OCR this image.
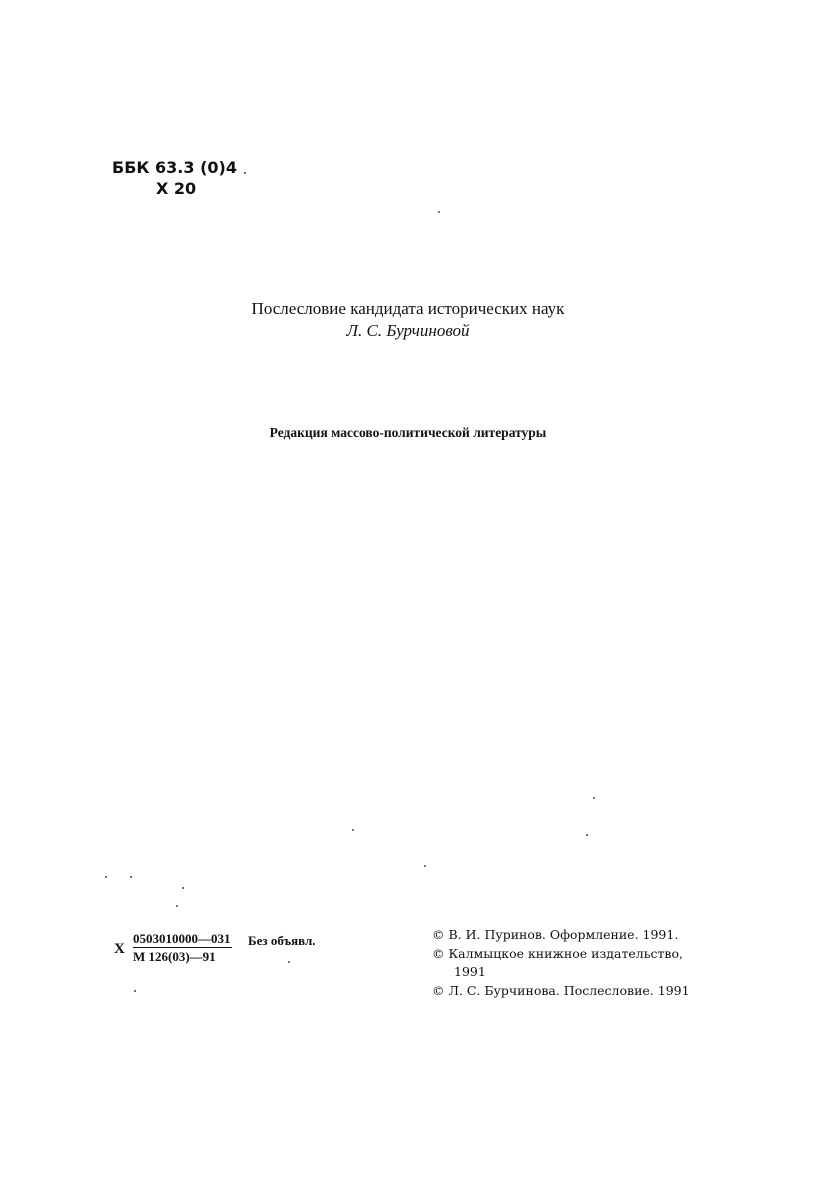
ББК 63.3 (0)4
Х 20
Послесловие кандидата исторических наук
Л. С. Бурчиновой
Редакция массово-политической литературы
Х
0503010000—031
М 126(03)—91
Без объявл.	© В. И. Пуринов. Оформление. 1991.
© Калмыцкое книжное издательство,
1991
© Л. С. Бурчинова. Послесловие. 1991
